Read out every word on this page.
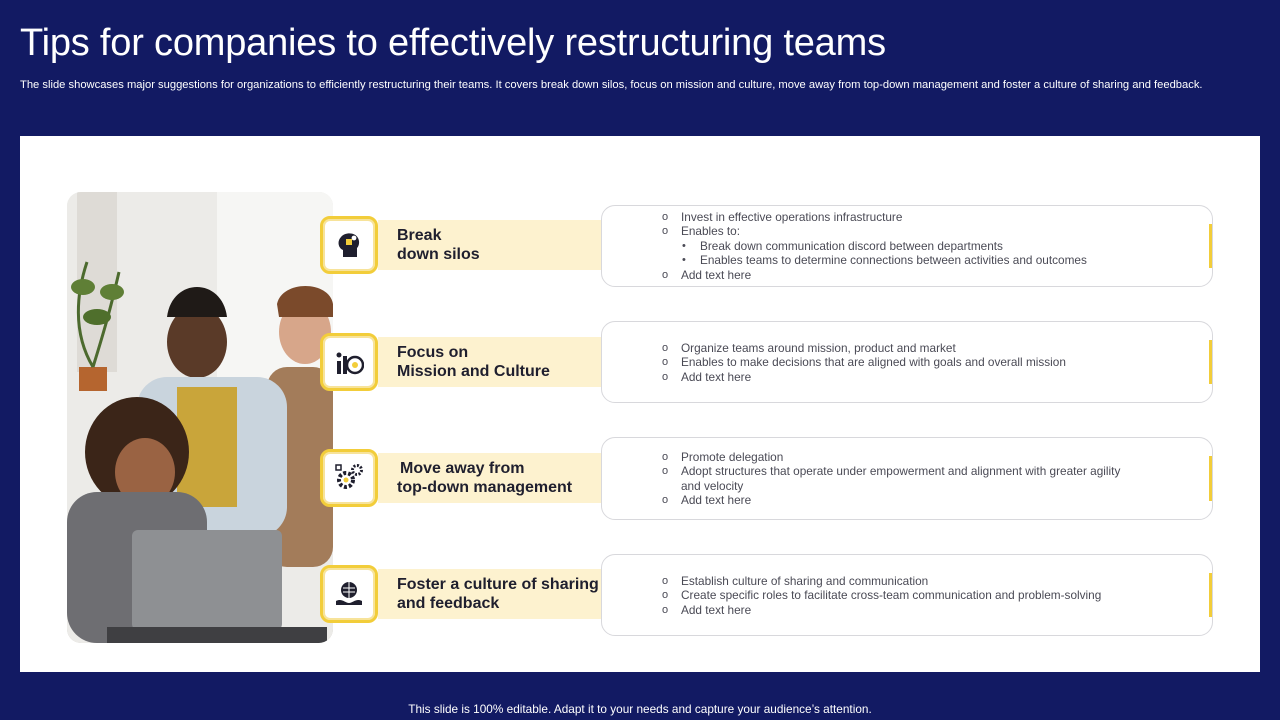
Tips for companies to effectively restructuring teams
The slide showcases major suggestions for organizations to efficiently restructuring their teams. It covers break down silos, focus on mission and culture, move away from top-down management and foster a culture of sharing and feedback.
Break
down silos
o Invest in effective operations infrastructure
o Enables to:
• Break down communication discord between departments
• Enables teams to determine connections between activities and outcomes
o Add text here
Focus on
Mission and Culture
o Organize teams around mission, product and market
o Enables to make decisions that are aligned with goals and overall mission
o Add text here
Move away from
top-down management
o Promote delegation
o Adopt structures that operate under empowerment and alignment with greater agility and velocity
o Add text here
Foster a culture of sharing
and feedback
o Establish culture of sharing and communication
o Create specific roles to facilitate cross-team communication and problem-solving
o Add text here
This slide is 100% editable. Adapt it to your needs and capture your audience’s attention.
